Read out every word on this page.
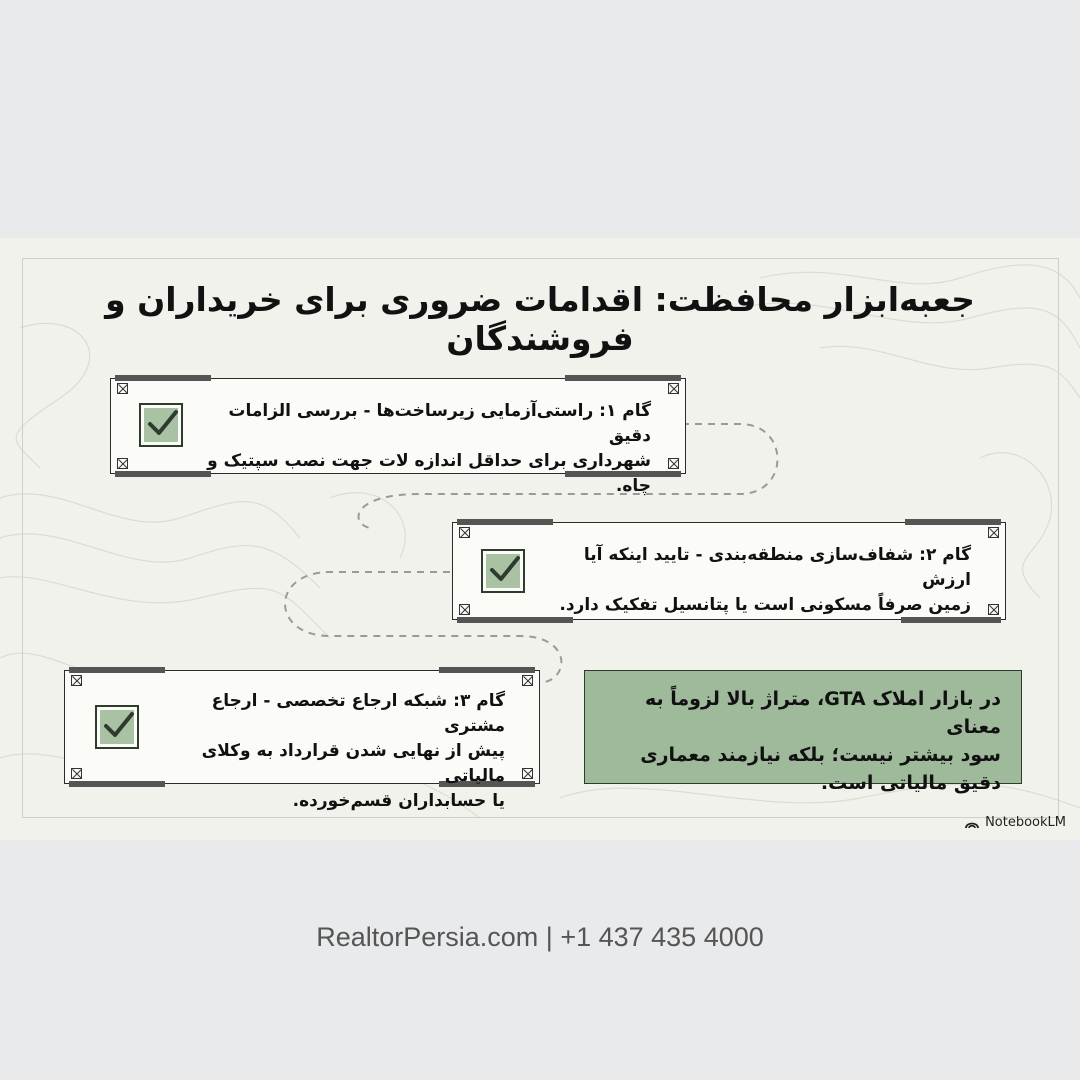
جعبه‌ابزار محافظت: اقدامات ضروری برای خریداران و فروشندگان
گام ۱: راستی‌آزمایی زیرساخت‌ها - بررسی الزامات دقیق
شهرداری برای حداقل اندازه لات جهت نصب سپتیک و چاه.
گام ۲: شفاف‌سازی منطقه‌بندی - تایید اینکه آیا ارزش
زمین صرفاً مسکونی است یا پتانسیل تفکیک دارد.
گام ۳: شبکه ارجاع تخصصی - ارجاع مشتری
پیش از نهایی شدن قرارداد به وکلای مالیاتی
یا حسابداران قسم‌خورده.
در بازار املاک GTA، متراژ بالا لزوماً به معنای
سود بیشتر نیست؛ بلکه نیازمند معماری
دقیق مالیاتی است.
NotebookLM
RealtorPersia.com | +1 437 435 4000
